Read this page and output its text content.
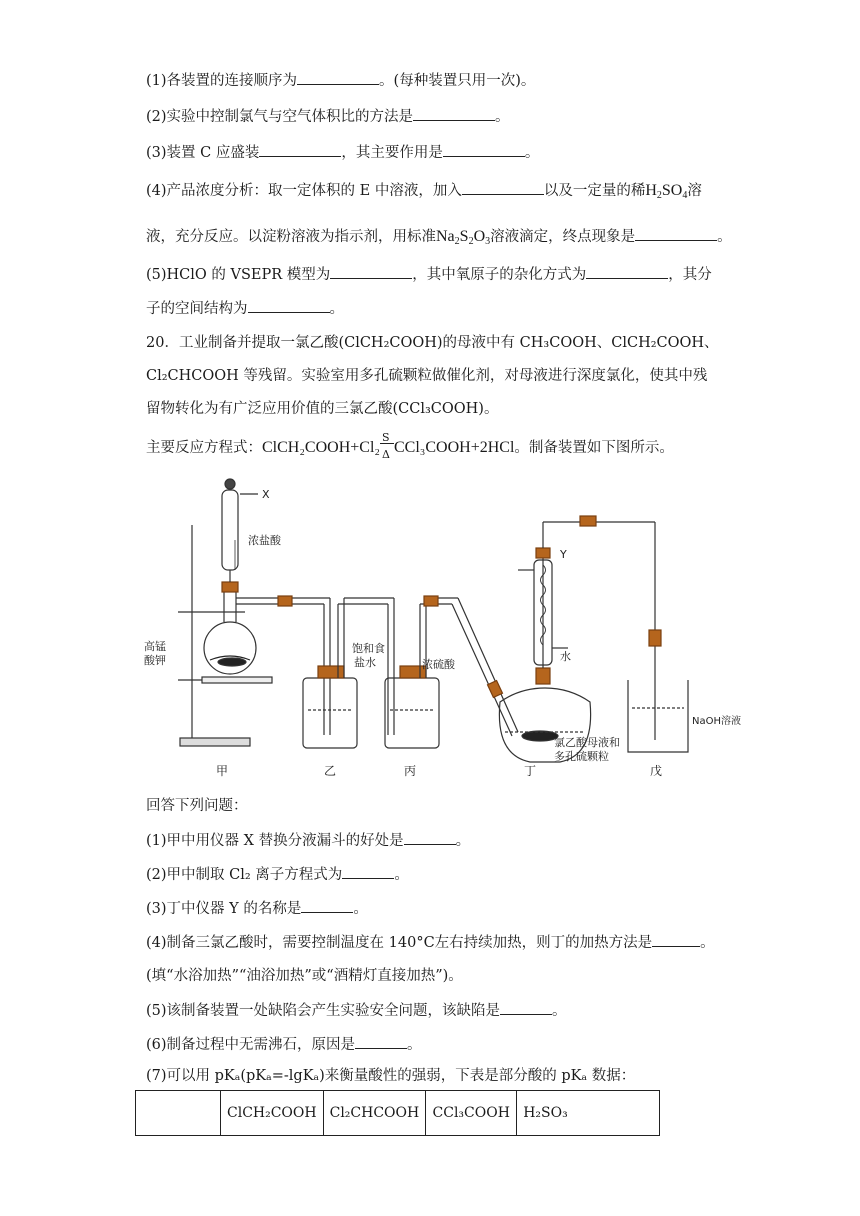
(1)各装置的连接顺序为	。(每种装置只用一次)。
(2)实验中控制氯气与空气体积比的方法是	。
(3)装置 C 应盛装	，其主要作用是	。
(4)产品浓度分析：取一定体积的 E 中溶液，加入	以及一定量的稀$H_2SO_4$溶
液，充分反应。以淀粉溶液为指示剂，用标准$Na_2S_2O_3$溶液滴定，终点现象是	。
(5)HClO 的 VSEPR 模型为	，其中氧原子的杂化方式为	，其分
子的空间结构为	。
20．工业制备并提取一氯乙酸(ClCH₂COOH)的母液中有 CH₃COOH、ClCH₂COOH、
Cl₂CHCOOH 等残留。实验室用多孔硫颗粒做催化剂，对母液进行深度氯化，使其中残
留物转化为有广泛应用价值的三氯乙酸(CCl₃COOH)。
主要反应方程式：ClCH₂COOH+Cl₂ $\frac{S}{\Delta}$ CCl₃COOH+2HCl。制备装置如下图所示。
X
浓盐酸
高锰
酸钾
饱和食
盐水	浓硫酸
Y
水
氯乙酸母液和
多孔硫颗粒
NaOH溶液
甲	乙	丙	丁	戊
回答下列问题：
(1)甲中用仪器 X 替换分液漏斗的好处是	。
(2)甲中制取 Cl₂ 离子方程式为	。
(3)丁中仪器 Y 的名称是	。
(4)制备三氯乙酸时，需要控制温度在 140°C左右持续加热，则丁的加热方法是	。
(填“水浴加热”“油浴加热”或“酒精灯直接加热”)。
(5)该制备装置一处缺陷会产生实验安全问题，该缺陷是	。
(6)制备过程中无需沸石，原因是	。
(7)可以用 pKₐ(pKₐ=-lgKₐ)来衡量酸性的强弱，下表是部分酸的 pKₐ 数据：
	ClCH₂COOH	Cl₂CHCOOH	CCl₃COOH	H₂SO₃
